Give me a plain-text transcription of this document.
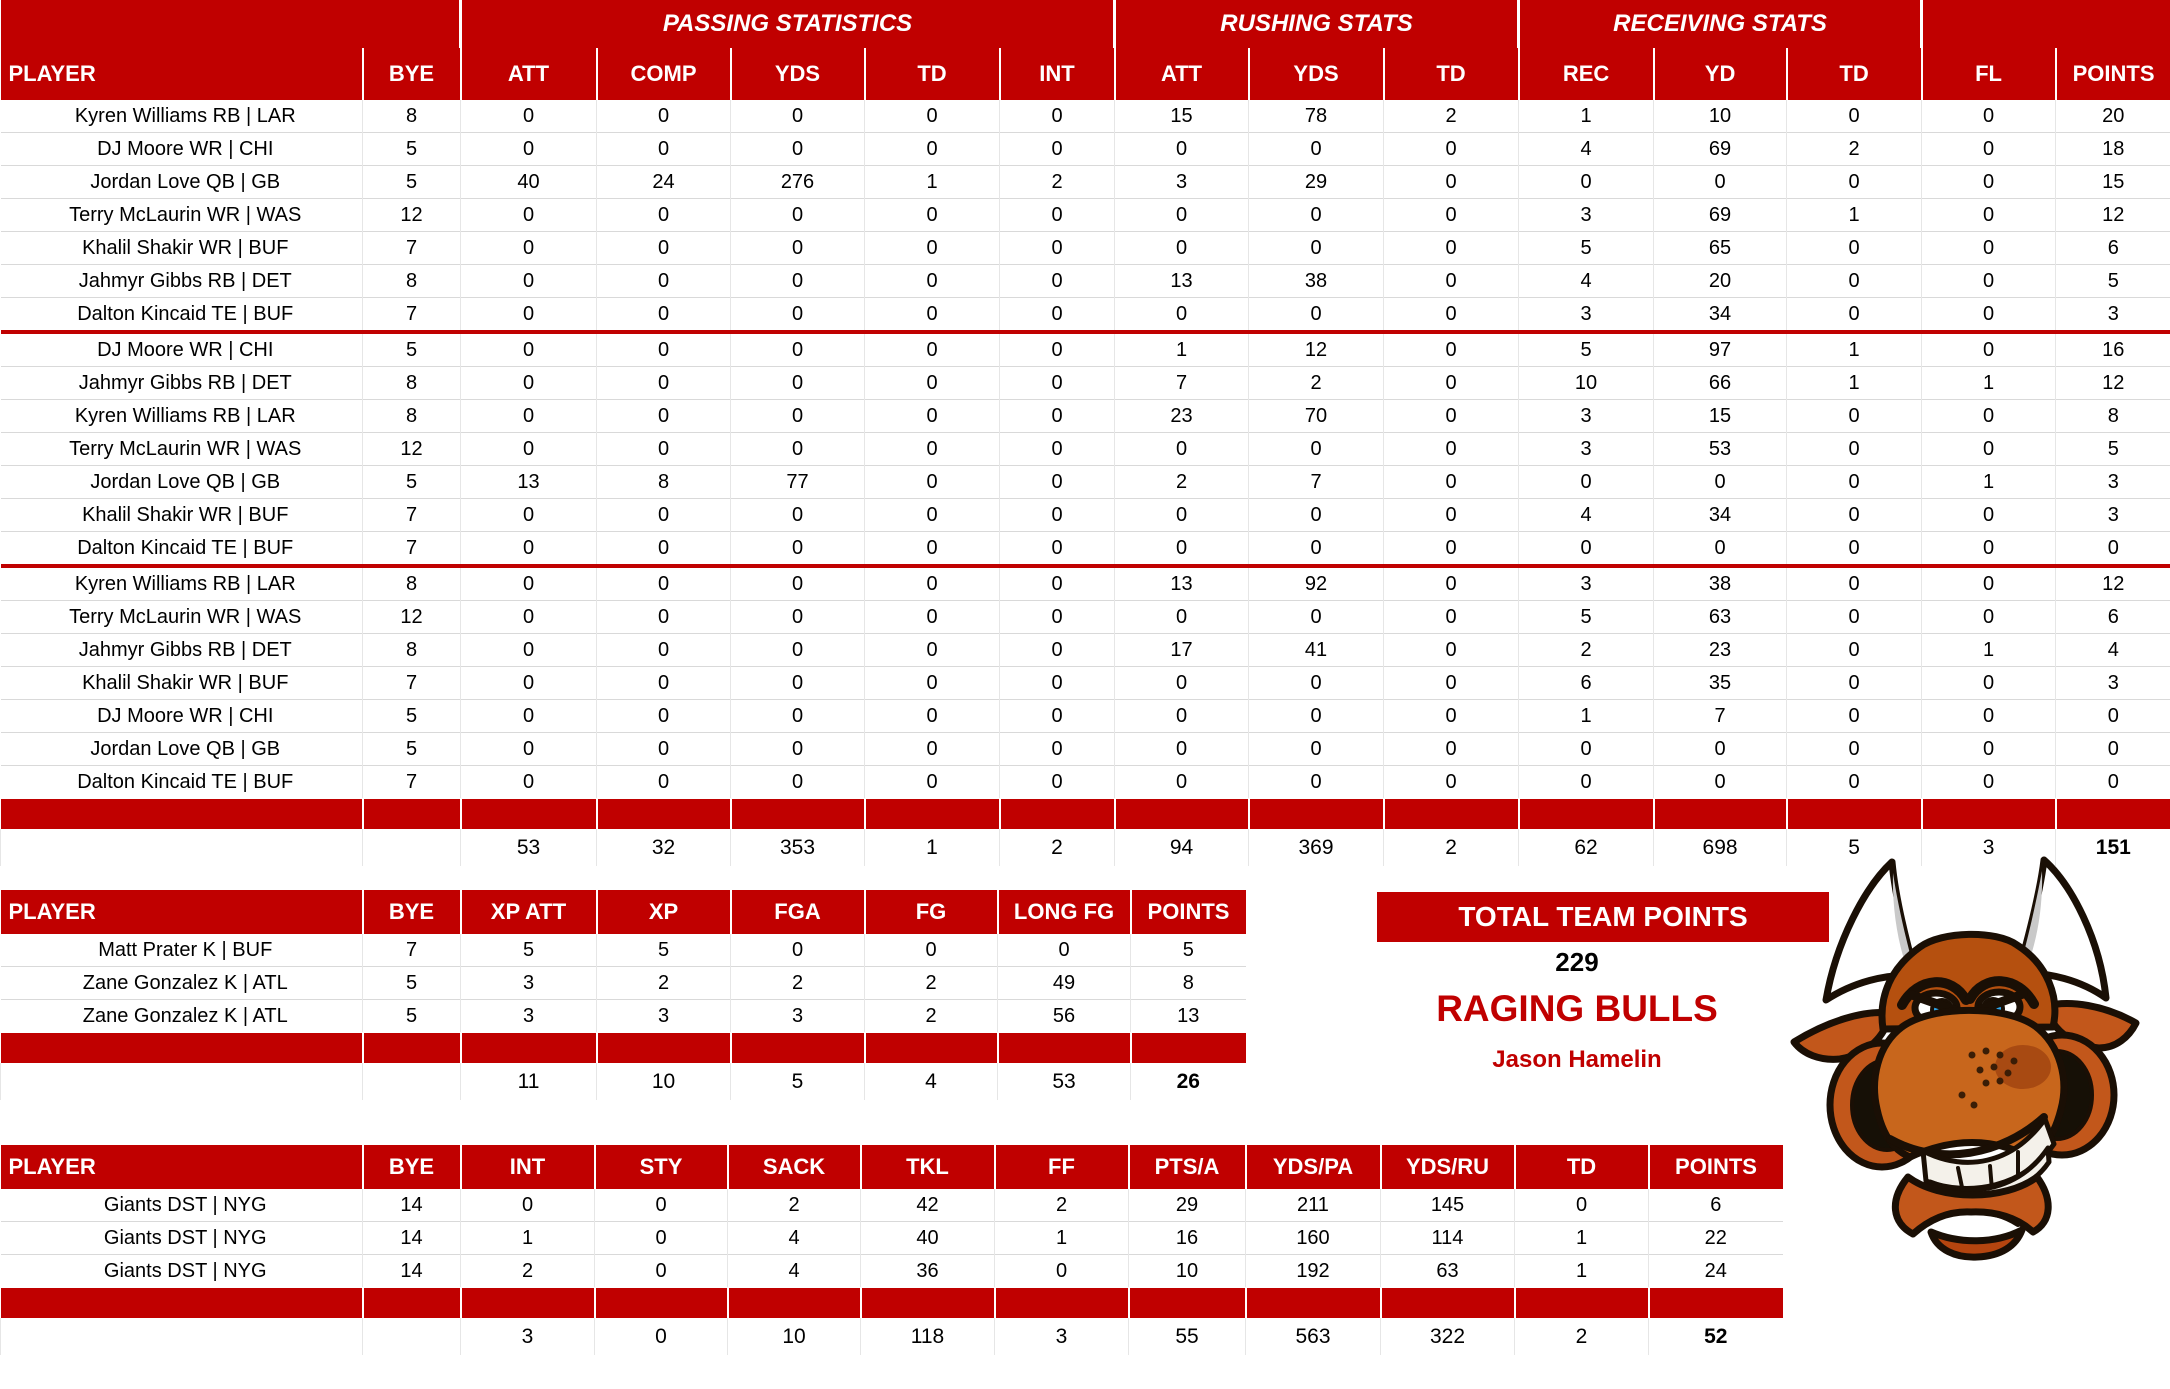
		PASSING STATISTICS					RUSHING STATS			RECEIVING STATS				
PLAYER	BYE	ATT	COMP	YDS	TD	INT	ATT	YDS	TD	REC	YD	TD	FL	POINTS
Kyren Williams RB | LAR	8	0	0	0	0	0	15	78	2	1	10	0	0	20
DJ Moore WR | CHI	5	0	0	0	0	0	0	0	0	4	69	2	0	18
Jordan Love QB | GB	5	40	24	276	1	2	3	29	0	0	0	0	0	15
Terry McLaurin WR | WAS	12	0	0	0	0	0	0	0	0	3	69	1	0	12
Khalil Shakir WR | BUF	7	0	0	0	0	0	0	0	0	5	65	0	0	6
Jahmyr Gibbs RB | DET	8	0	0	0	0	0	13	38	0	4	20	0	0	5
Dalton Kincaid TE | BUF	7	0	0	0	0	0	0	0	0	3	34	0	0	3
DJ Moore WR | CHI	5	0	0	0	0	0	1	12	0	5	97	1	0	16
Jahmyr Gibbs RB | DET	8	0	0	0	0	0	7	2	0	10	66	1	1	12
Kyren Williams RB | LAR	8	0	0	0	0	0	23	70	0	3	15	0	0	8
Terry McLaurin WR | WAS	12	0	0	0	0	0	0	0	0	3	53	0	0	5
Jordan Love QB | GB	5	13	8	77	0	0	2	7	0	0	0	0	1	3
Khalil Shakir WR | BUF	7	0	0	0	0	0	0	0	0	4	34	0	0	3
Dalton Kincaid TE | BUF	7	0	0	0	0	0	0	0	0	0	0	0	0	0
Kyren Williams RB | LAR	8	0	0	0	0	0	13	92	0	3	38	0	0	12
Terry McLaurin WR | WAS	12	0	0	0	0	0	0	0	0	5	63	0	0	6
Jahmyr Gibbs RB | DET	8	0	0	0	0	0	17	41	0	2	23	0	1	4
Khalil Shakir WR | BUF	7	0	0	0	0	0	0	0	0	6	35	0	0	3
DJ Moore WR | CHI	5	0	0	0	0	0	0	0	0	1	7	0	0	0
Jordan Love QB | GB	5	0	0	0	0	0	0	0	0	0	0	0	0	0
Dalton Kincaid TE | BUF	7	0	0	0	0	0	0	0	0	0	0	0	0	0

		53	32	353	1	2	94	369	2	62	698	5	3	151
PLAYER	BYE	XP ATT	XP	FGA	FG	LONG FG	POINTS
Matt Prater K | BUF	7	5	5	0	0	0	5
Zane Gonzalez K | ATL	5	3	2	2	2	49	8
Zane Gonzalez K | ATL	5	3	3	3	2	56	13

		11	10	5	4	53	26
PLAYER	BYE	INT	STY	SACK	TKL	FF	PTS/A	YDS/PA	YDS/RU	TD	POINTS
Giants DST | NYG	14	0	0	2	42	2	29	211	145	0	6
Giants DST | NYG	14	1	0	4	40	1	16	160	114	1	22
Giants DST | NYG	14	2	0	4	36	0	10	192	63	1	24

		3	0	10	118	3	55	563	322	2	52
TOTAL TEAM POINTS
229
RAGING BULLS
Jason Hamelin
